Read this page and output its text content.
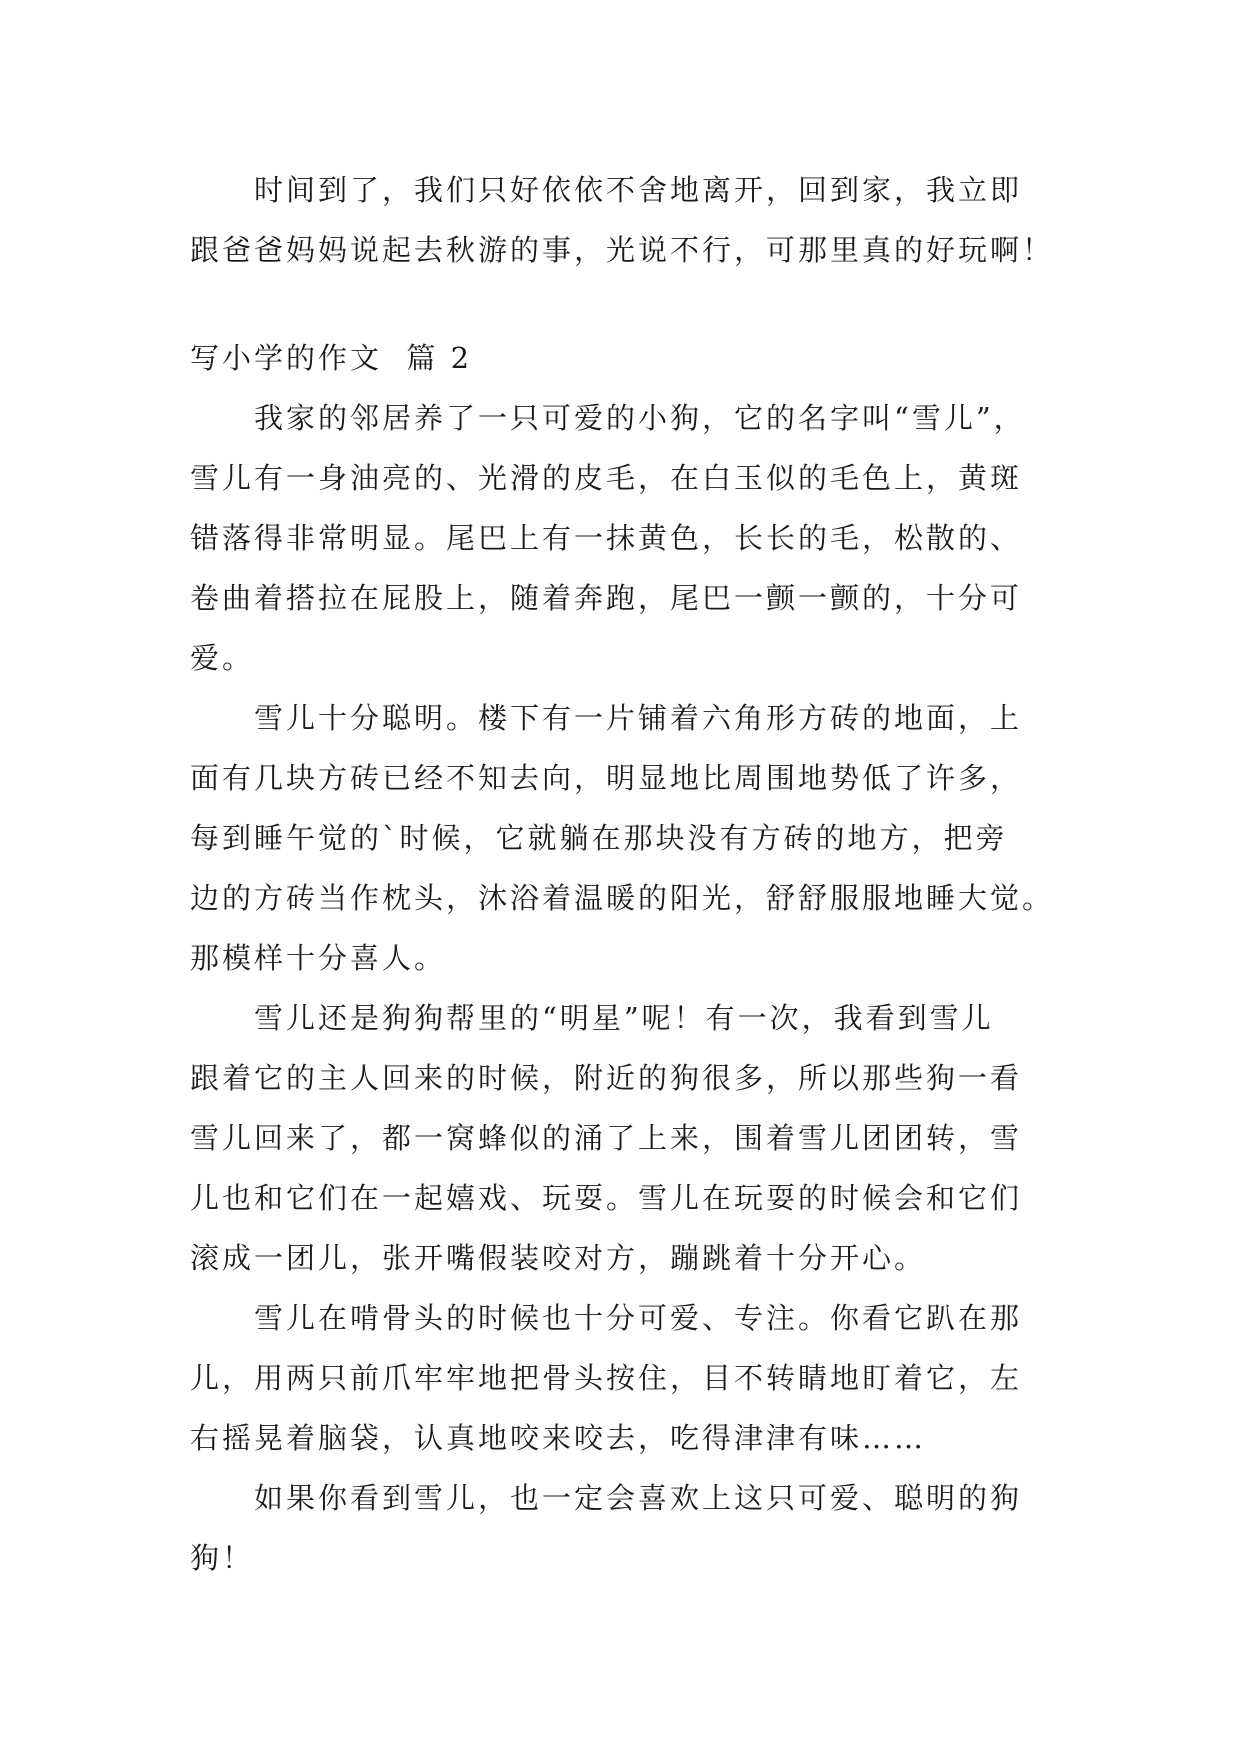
　　时间到了，我们只好依依不舍地离开，回到家，我立即
跟爸爸妈妈说起去秋游的事，光说不行，可那里真的好玩啊！
写小学的作文  篇 2
　　我家的邻居养了一只可爱的小狗，它的名字叫“雪儿”，
雪儿有一身油亮的、光滑的皮毛，在白玉似的毛色上，黄斑
错落得非常明显。尾巴上有一抹黄色，长长的毛，松散的、
卷曲着搭拉在屁股上，随着奔跑，尾巴一颤一颤的，十分可
爱。
　　雪儿十分聪明。楼下有一片铺着六角形方砖的地面，上
面有几块方砖已经不知去向，明显地比周围地势低了许多，
每到睡午觉的`时候，它就躺在那块没有方砖的地方，把旁
边的方砖当作枕头，沐浴着温暖的阳光，舒舒服服地睡大觉。
那模样十分喜人。
　　雪儿还是狗狗帮里的“明星”呢！有一次，我看到雪儿
跟着它的主人回来的时候，附近的狗很多，所以那些狗一看
雪儿回来了，都一窝蜂似的涌了上来，围着雪儿团团转，雪
儿也和它们在一起嬉戏、玩耍。雪儿在玩耍的时候会和它们
滚成一团儿，张开嘴假装咬对方，蹦跳着十分开心。
　　雪儿在啃骨头的时候也十分可爱、专注。你看它趴在那
儿，用两只前爪牢牢地把骨头按住，目不转睛地盯着它，左
右摇晃着脑袋，认真地咬来咬去，吃得津津有味……
　　如果你看到雪儿，也一定会喜欢上这只可爱、聪明的狗
狗！
